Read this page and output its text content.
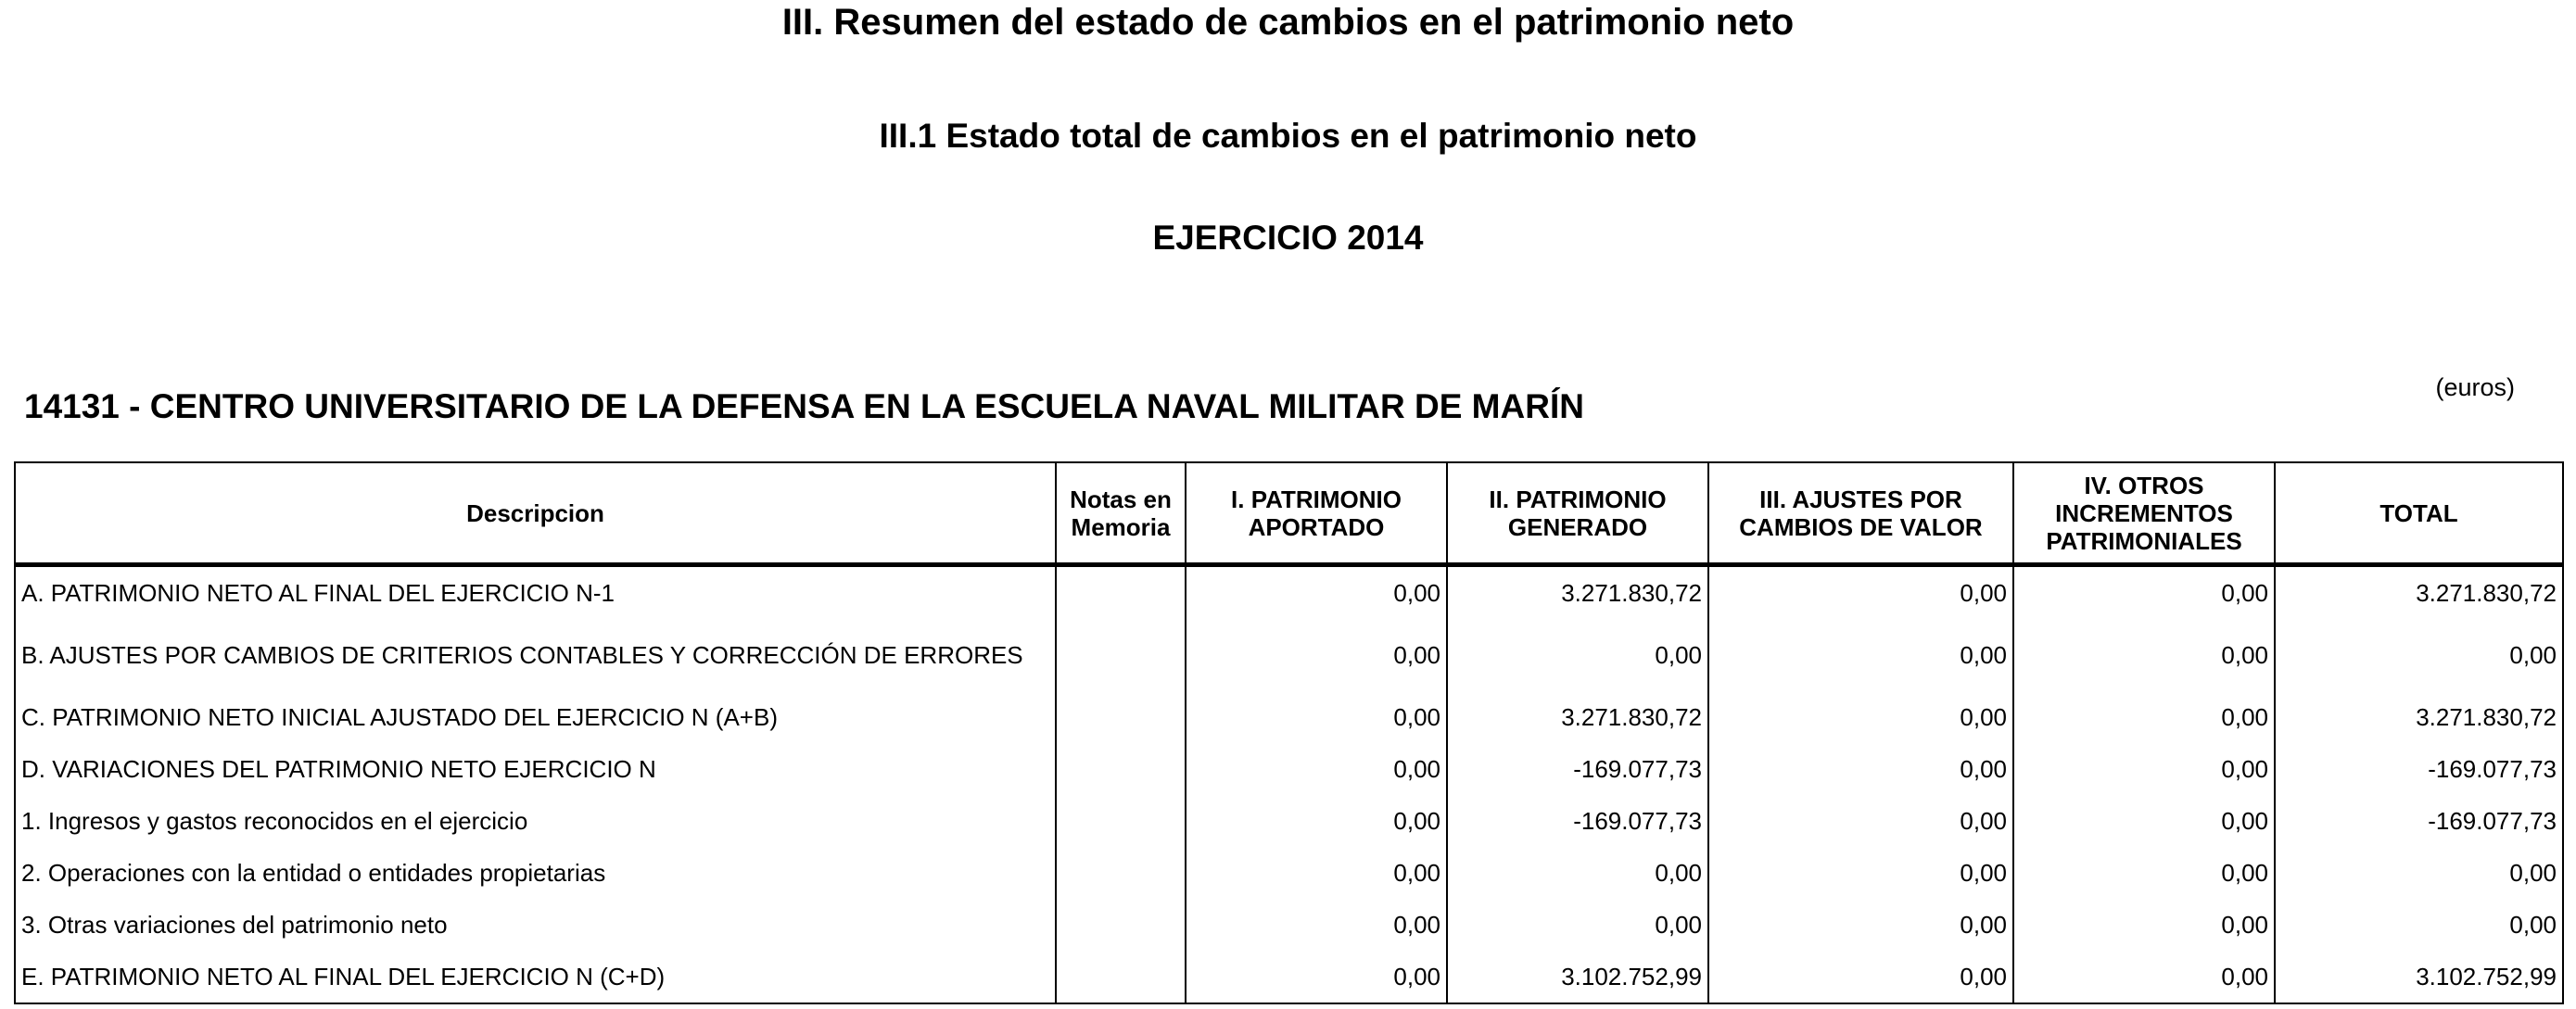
III. Resumen del estado de cambios en el patrimonio neto
III.1 Estado total de cambios en el patrimonio neto
EJERCICIO 2014
14131 - CENTRO UNIVERSITARIO DE LA DEFENSA EN LA ESCUELA NAVAL MILITAR DE MARÍN	(euros)
Descripcion	Notas en Memoria	I. PATRIMONIO APORTADO	II. PATRIMONIO GENERADO	III. AJUSTES POR CAMBIOS DE VALOR	IV. OTROS INCREMENTOS PATRIMONIALES	TOTAL
A. PATRIMONIO NETO AL FINAL DEL EJERCICIO N-1		0,00	3.271.830,72	0,00	0,00	3.271.830,72
B. AJUSTES POR CAMBIOS DE CRITERIOS CONTABLES Y CORRECCIÓN DE ERRORES		0,00	0,00	0,00	0,00	0,00
C. PATRIMONIO NETO INICIAL AJUSTADO DEL EJERCICIO N (A+B)		0,00	3.271.830,72	0,00	0,00	3.271.830,72
D. VARIACIONES DEL PATRIMONIO NETO EJERCICIO N		0,00	-169.077,73	0,00	0,00	-169.077,73
1. Ingresos y gastos reconocidos en el ejercicio		0,00	-169.077,73	0,00	0,00	-169.077,73
2. Operaciones con la entidad o entidades propietarias		0,00	0,00	0,00	0,00	0,00
3. Otras variaciones del patrimonio neto		0,00	0,00	0,00	0,00	0,00
E. PATRIMONIO NETO AL FINAL DEL EJERCICIO N (C+D)		0,00	3.102.752,99	0,00	0,00	3.102.752,99
